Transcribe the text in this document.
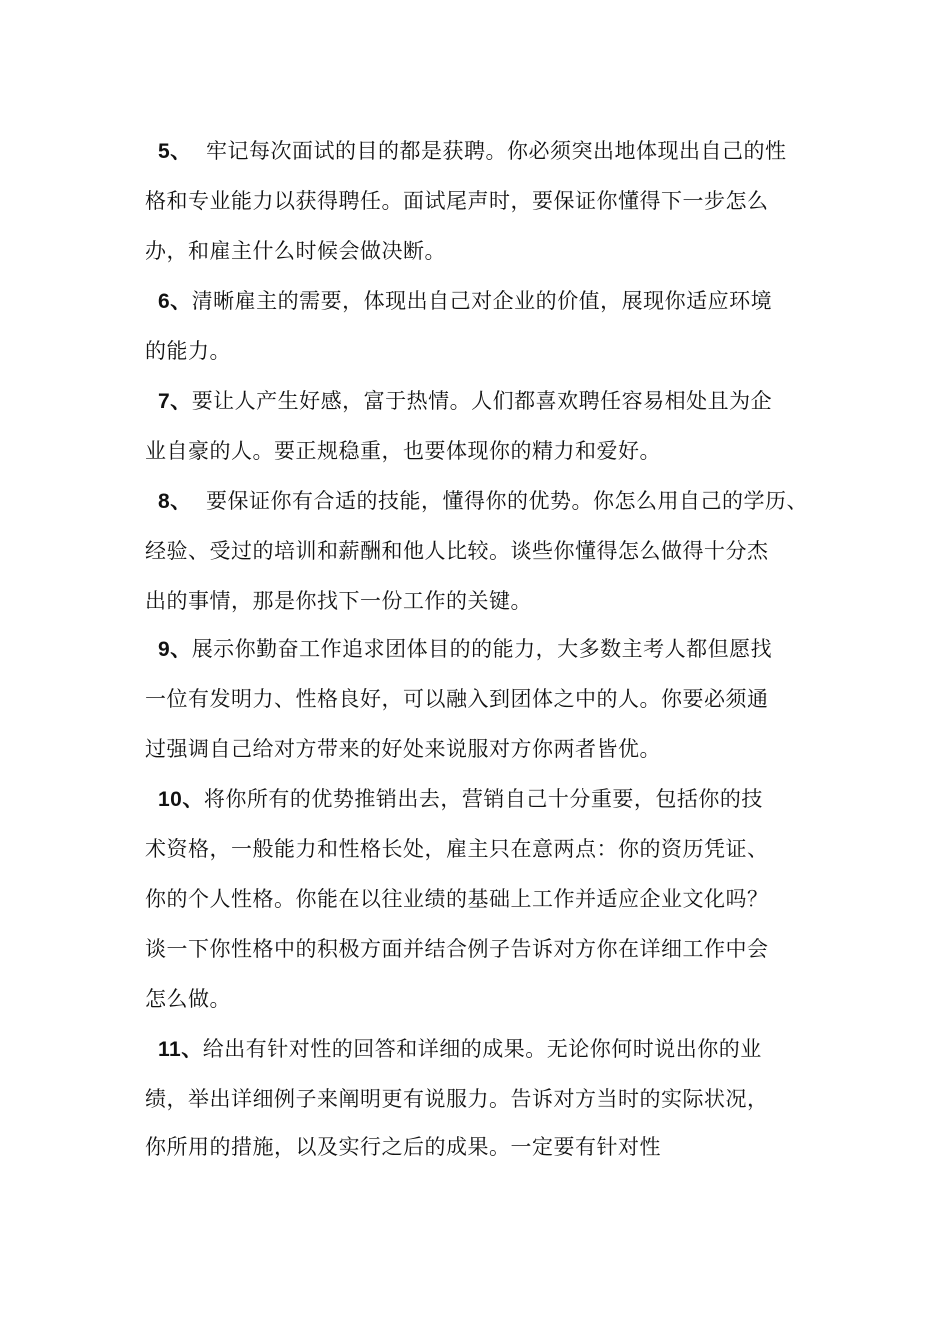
5、 牢记每次面试的目的都是获聘。你必须突出地体现出自己的性
格和专业能力以获得聘任。面试尾声时，要保证你懂得下一步怎么
办，和雇主什么时候会做决断。
6、清晰雇主的需要，体现出自己对企业的价值，展现你适应环境
的能力。
7、要让人产生好感，富于热情。人们都喜欢聘任容易相处且为企
业自豪的人。要正规稳重，也要体现你的精力和爱好。
8、 要保证你有合适的技能，懂得你的优势。你怎么用自己的学历、
经验、受过的培训和薪酬和他人比较。谈些你懂得怎么做得十分杰
出的事情，那是你找下一份工作的关键。
9、展示你勤奋工作追求团体目的的能力，大多数主考人都但愿找
一位有发明力、性格良好，可以融入到团体之中的人。你要必须通
过强调自己给对方带来的好处来说服对方你两者皆优。
10、将你所有的优势推销出去，营销自己十分重要，包括你的技
术资格，一般能力和性格长处，雇主只在意两点：你的资历凭证、
你的个人性格。你能在以往业绩的基础上工作并适应企业文化吗？
谈一下你性格中的积极方面并结合例子告诉对方你在详细工作中会
怎么做。
11、给出有针对性的回答和详细的成果。无论你何时说出你的业
绩，举出详细例子来阐明更有说服力。告诉对方当时的实际状况，
你所用的措施，以及实行之后的成果。一定要有针对性
